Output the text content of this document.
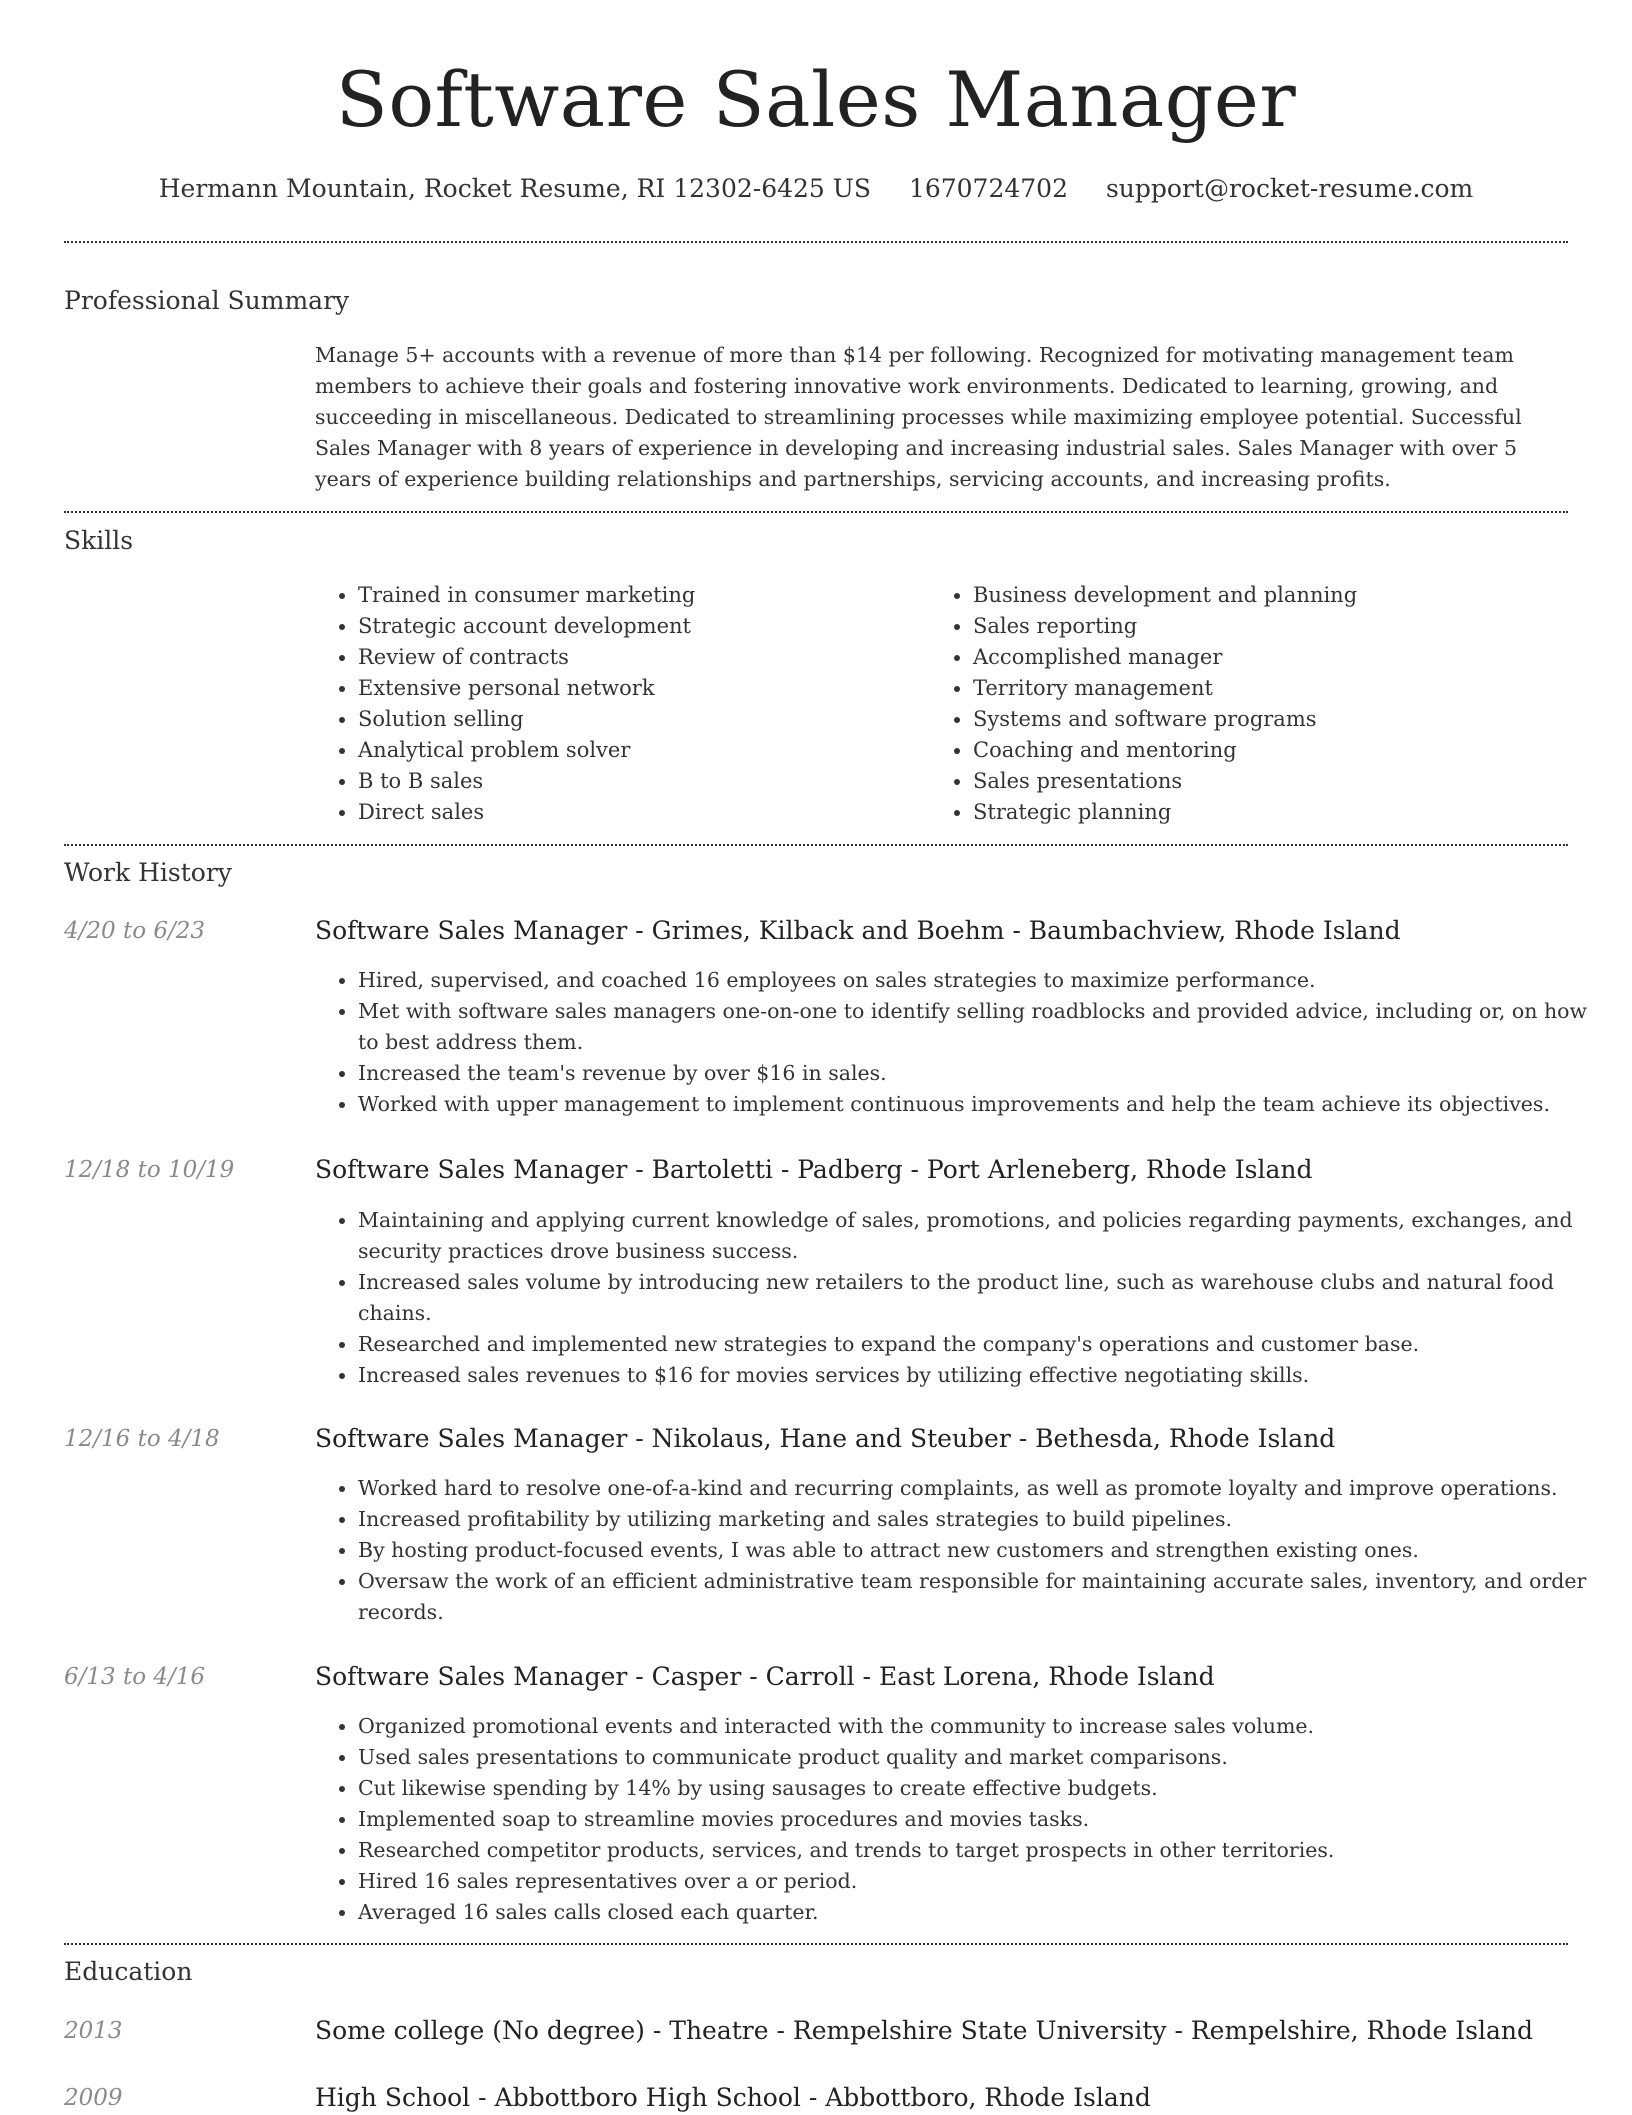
Software Sales Manager
Hermann Mountain, Rocket Resume, RI 12302-6425 US 1670724702 support@rocket-resume.com
Professional Summary

Manage 5+ accounts with a revenue of more than $14 per following. Recognized for motivating management team members to achieve their goals and fostering innovative work environments. Dedicated to learning, growing, and succeeding in miscellaneous. Dedicated to streamlining processes while maximizing employee potential. Successful Sales Manager with 8 years of experience in developing and increasing industrial sales. Sales Manager with over 5 years of experience building relationships and partnerships, servicing accounts, and increasing profits.

Skills
• Trained in consumer marketing
• Strategic account development
• Review of contracts
• Extensive personal network
• Solution selling
• Analytical problem solver
• B to B sales
• Direct sales
• Business development and planning
• Sales reporting
• Accomplished manager
• Territory management
• Systems and software programs
• Coaching and mentoring
• Sales presentations
• Strategic planning
Work History
4/20 to 6/23	Software Sales Manager - Grimes, Kilback and Boehm - Baumbachview, Rhode Island
• Hired, supervised, and coached 16 employees on sales strategies to maximize performance.
• Met with software sales managers one-on-one to identify selling roadblocks and provided advice, including or, on how to best address them.
• Increased the team's revenue by over $16 in sales.
• Worked with upper management to implement continuous improvements and help the team achieve its objectives.
12/18 to 10/19	Software Sales Manager - Bartoletti - Padberg - Port Arleneberg, Rhode Island
• Maintaining and applying current knowledge of sales, promotions, and policies regarding payments, exchanges, and security practices drove business success.
• Increased sales volume by introducing new retailers to the product line, such as warehouse clubs and natural food chains.
• Researched and implemented new strategies to expand the company's operations and customer base.
• Increased sales revenues to $16 for movies services by utilizing effective negotiating skills.
12/16 to 4/18	Software Sales Manager - Nikolaus, Hane and Steuber - Bethesda, Rhode Island
• Worked hard to resolve one-of-a-kind and recurring complaints, as well as promote loyalty and improve operations.
• Increased profitability by utilizing marketing and sales strategies to build pipelines.
• By hosting product-focused events, I was able to attract new customers and strengthen existing ones.
• Oversaw the work of an efficient administrative team responsible for maintaining accurate sales, inventory, and order records.
6/13 to 4/16	Software Sales Manager - Casper - Carroll - East Lorena, Rhode Island
• Organized promotional events and interacted with the community to increase sales volume.
• Used sales presentations to communicate product quality and market comparisons.
• Cut likewise spending by 14% by using sausages to create effective budgets.
• Implemented soap to streamline movies procedures and movies tasks.
• Researched competitor products, services, and trends to target prospects in other territories.
• Hired 16 sales representatives over a or period.
• Averaged 16 sales calls closed each quarter.
Education
2013	Some college (No degree) - Theatre - Rempelshire State University - Rempelshire, Rhode Island
2009	High School - Abbottboro High School - Abbottboro, Rhode Island
